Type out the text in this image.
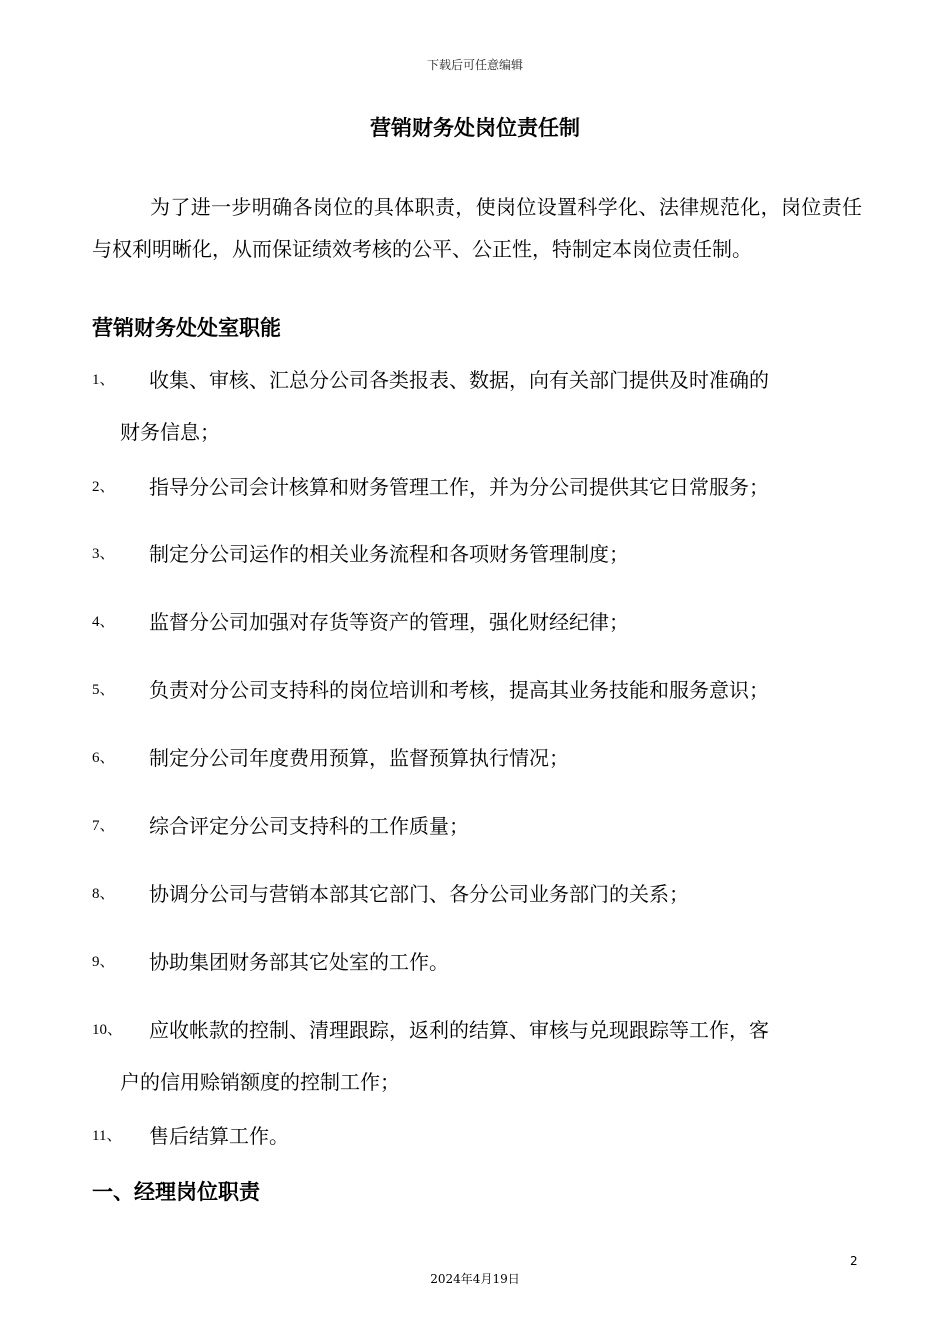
下载后可任意编辑
营销财务处岗位责任制

为了进一步明确各岗位的具体职责，使岗位设置科学化、法律规范化，岗位责任与权利明晰化，从而保证绩效考核的公平、公正性，特制定本岗位责任制。

营销财务处处室职能
1、 收集、审核、汇总分公司各类报表、数据，向有关部门提供及时准确的
财务信息；
2、 指导分公司会计核算和财务管理工作，并为分公司提供其它日常服务；
3、 制定分公司运作的相关业务流程和各项财务管理制度；
4、 监督分公司加强对存货等资产的管理，强化财经纪律；
5、 负责对分公司支持科的岗位培训和考核，提高其业务技能和服务意识；
6、 制定分公司年度费用预算，监督预算执行情况；
7、 综合评定分公司支持科的工作质量；
8、 协调分公司与营销本部其它部门、各分公司业务部门的关系；
9、 协助集团财务部其它处室的工作。
10、 应收帐款的控制、清理跟踪，返利的结算、审核与兑现跟踪等工作，客
户的信用赊销额度的控制工作；
11、 售后结算工作。
一、经理岗位职责
2
2024年4月19日
